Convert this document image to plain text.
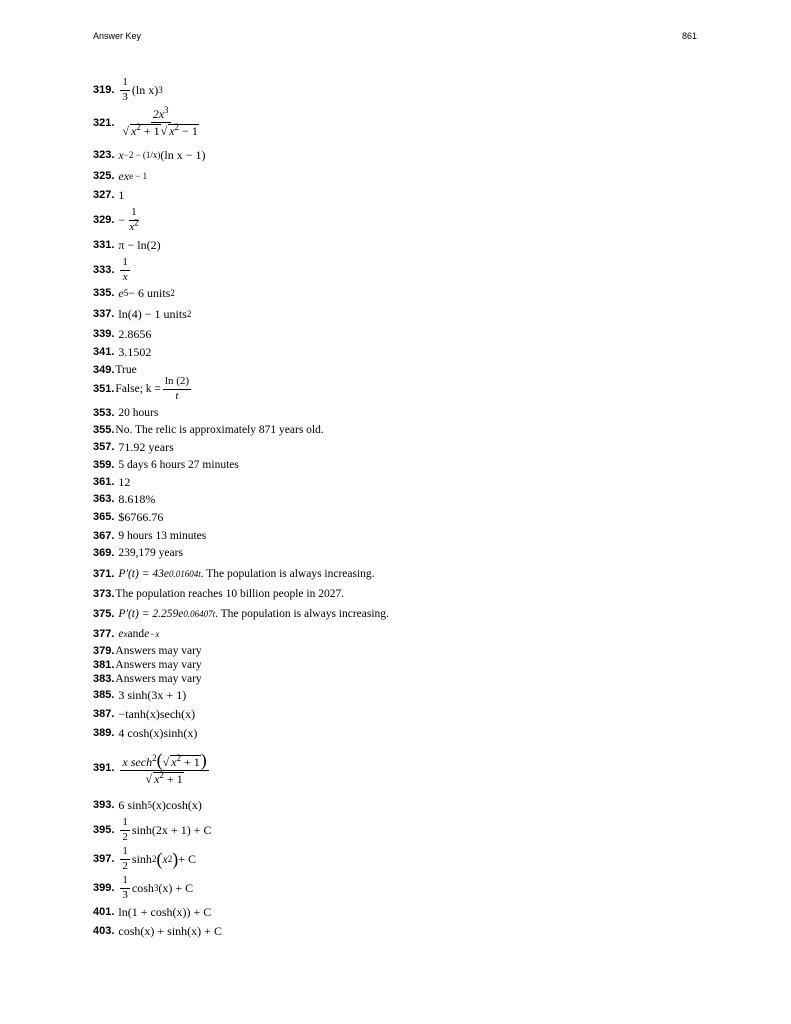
Answer Key	861
319. $\frac{1}{3} (\ln$ x) 3
321. $\frac{2x^3}{√ x^2 + 1√ x^2 - 1}$
323. x −2 − (1/x) (ln x − 1)
325. ex e − 1
327. 1
329. − $\frac{1}{x^2}$
331. π − ln(2)
333. $\frac{1}{x}$
335. e 5 − 6 units 2
337. ln(4) − 1 units 2
339. 2.8656
341. 3.1502
349. True
351. False; $k = \frac{\ln (2)}{t}$
353. 20 hours
355. No. The relic is approximately 871 years old.
357. 71.92 years
359. 5 days 6 hours 27 minutes
361. 12
363. 8.618%
365. $6766.76
367. 9 hours 13 minutes
369. 239,179 years
371. P′(t) = 43e 0.01604t . The population is always increasing.
373. The population reaches 10 billion people in 2027.
375. P′(t) = 2.259e 0.06407t . The population is always increasing.
377. e x and e −x
379. Answers may vary
381. Answers may vary
383. Answers may vary
385. 3 sinh(3x + 1)
387. −tanh(x)sech(x)
389. 4 cosh(x)sinh(x)
391. $\frac{x \sec h^2(√ x^2 + 1)}{√ x^2 + 1}$
393. 6 sinh 5 (x)cosh(x)
395. $\frac{1}{2} \sinh(2x + 1) + C$
397. $\frac{1}{2}$ sinh 2 ( x 2 ) + C
399. $\frac{1}{3}$ cosh 3 (x) + C
401. ln(1 + cosh(x)) + C
403. cosh(x) + sinh(x) + C
